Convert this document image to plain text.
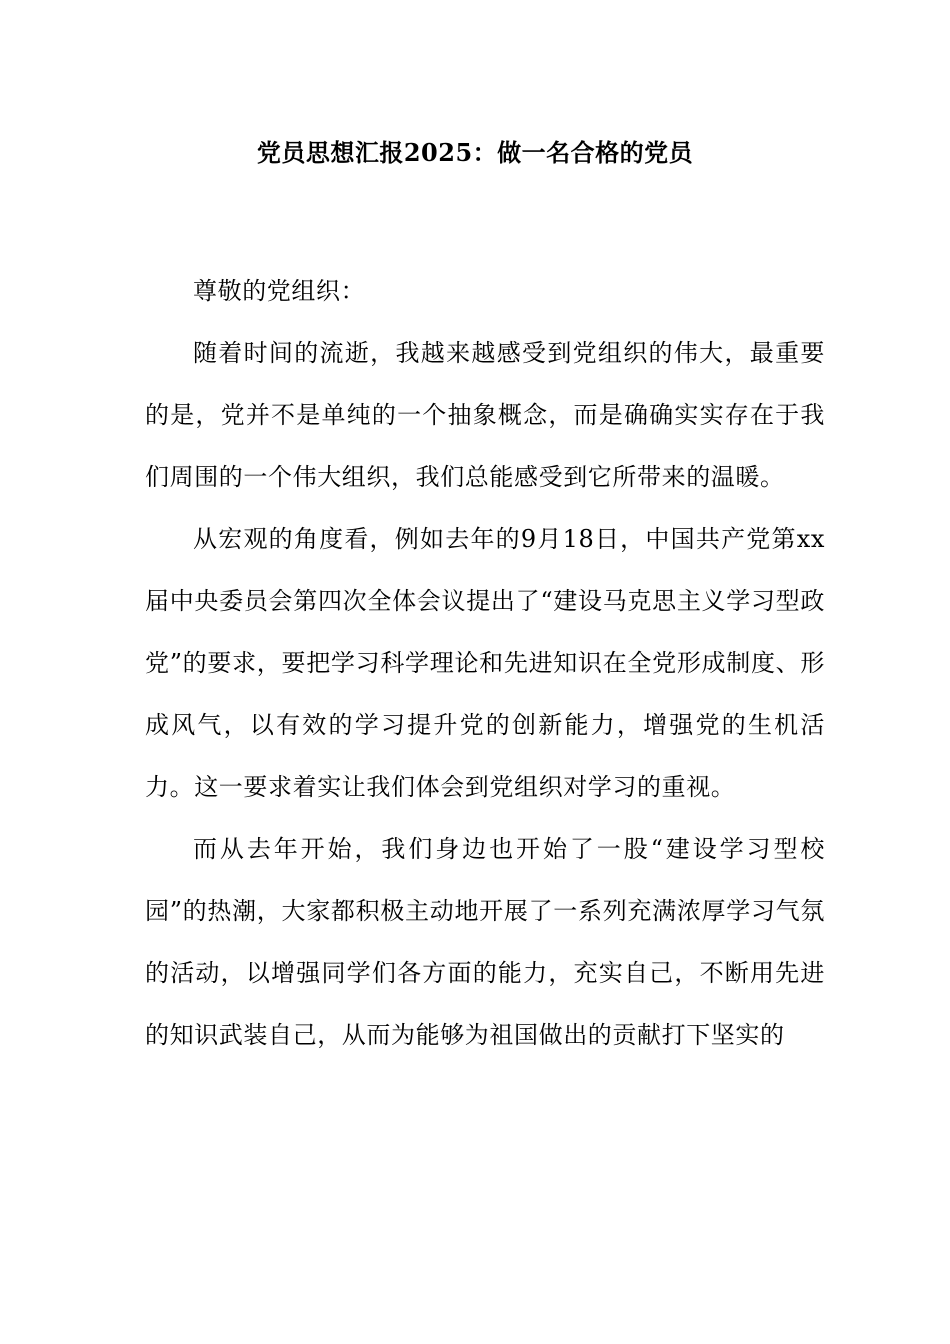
党员思想汇报2025：做一名合格的党员

尊敬的党组织：

随着时间的流逝，我越来越感受到党组织的伟大，最重要的是，党并不是单纯的一个抽象概念，而是确确实实存在于我们周围的一个伟大组织，我们总能感受到它所带来的温暖。

从宏观的角度看，例如去年的9月18日，中国共产党第xx届中央委员会第四次全体会议提出了“建设马克思主义学习型政党”的要求，要把学习科学理论和先进知识在全党形成制度、形成风气，以有效的学习提升党的创新能力，增强党的生机活力。这一要求着实让我们体会到党组织对学习的重视。

而从去年开始，我们身边也开始了一股“建设学习型校园”的热潮，大家都积极主动地开展了一系列充满浓厚学习气氛的活动，以增强同学们各方面的能力，充实自己，不断用先进的知识武装自己，从而为能够为祖国做出的贡献打下坚实的
